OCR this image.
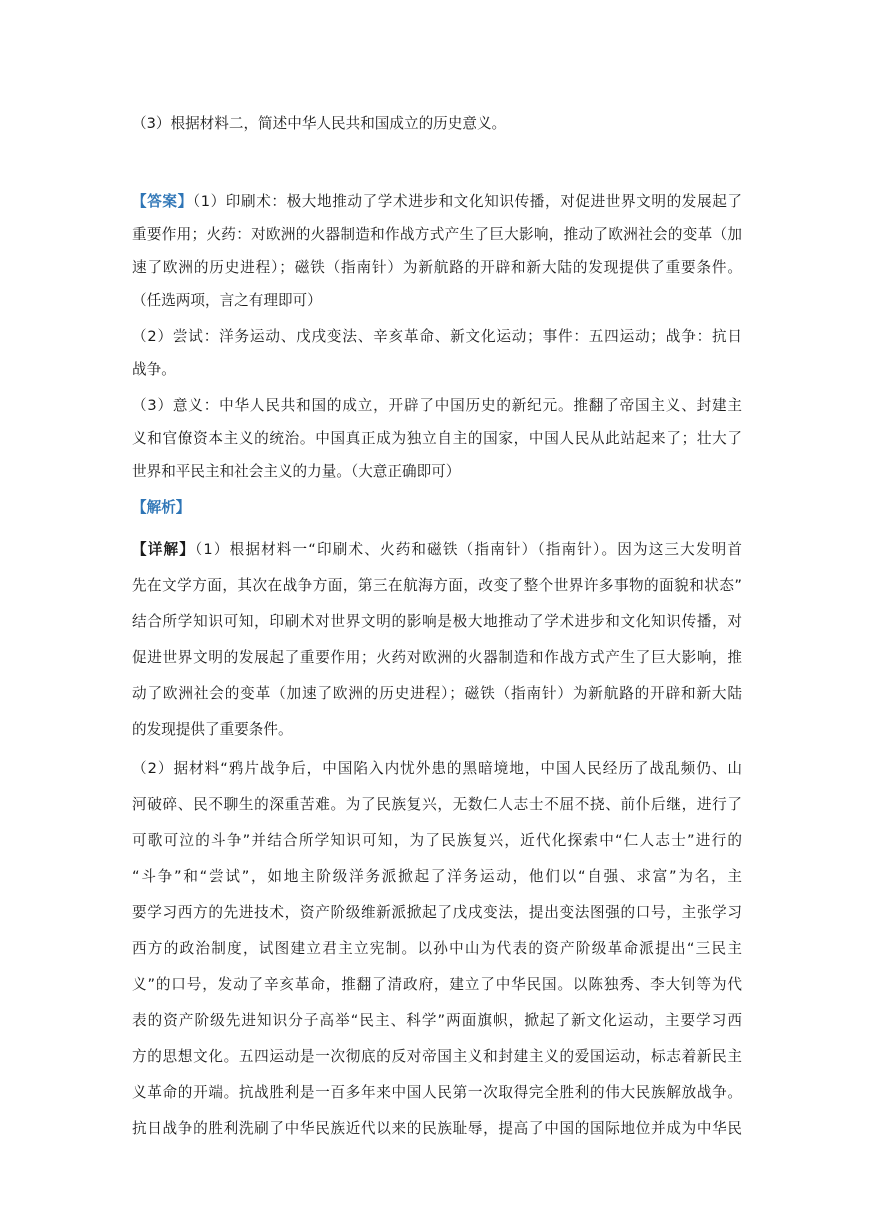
（3）根据材料二，简述中华人民共和国成立的历史意义。
【答案】（1）印刷术：极大地推动了学术进步和文化知识传播，对促进世界文明的发展起了
重要作用；火药：对欧洲的火器制造和作战方式产生了巨大影响，推动了欧洲社会的变革（加
速了欧洲的历史进程）；磁铁（指南针）为新航路的开辟和新大陆的发现提供了重要条件。
（任选两项，言之有理即可）
（2）尝试：洋务运动、戊戌变法、辛亥革命、新文化运动；事件：五四运动；战争：抗日
战争。
（3）意义：中华人民共和国的成立，开辟了中国历史的新纪元。推翻了帝国主义、封建主
义和官僚资本主义的统治。中国真正成为独立自主的国家，中国人民从此站起来了；壮大了
世界和平民主和社会主义的力量。（大意正确即可）
【解析】
【详解】（1）根据材料一“印刷术、火药和磁铁（指南针）（指南针）。因为这三大发明首
先在文学方面，其次在战争方面，第三在航海方面，改变了整个世界许多事物的面貌和状态”
结合所学知识可知，印刷术对世界文明的影响是极大地推动了学术进步和文化知识传播，对
促进世界文明的发展起了重要作用；火药对欧洲的火器制造和作战方式产生了巨大影响，推
动了欧洲社会的变革（加速了欧洲的历史进程）；磁铁（指南针）为新航路的开辟和新大陆
的发现提供了重要条件。
（2）据材料“鸦片战争后，中国陷入内忧外患的黑暗境地，中国人民经历了战乱频仍、山
河破碎、民不聊生的深重苦难。为了民族复兴，无数仁人志士不屈不挠、前仆后继，进行了
可歌可泣的斗争”并结合所学知识可知，为了民族复兴，近代化探索中“仁人志士”进行的
“斗争”和“尝试”，如地主阶级洋务派掀起了洋务运动，他们以“自强、求富”为名，主
要学习西方的先进技术，资产阶级维新派掀起了戊戌变法，提出变法图强的口号，主张学习
西方的政治制度，试图建立君主立宪制。以孙中山为代表的资产阶级革命派提出“三民主
义”的口号，发动了辛亥革命，推翻了清政府，建立了中华民国。以陈独秀、李大钊等为代
表的资产阶级先进知识分子高举“民主、科学”两面旗帜，掀起了新文化运动，主要学习西
方的思想文化。五四运动是一次彻底的反对帝国主义和封建主义的爱国运动，标志着新民主
义革命的开端。抗战胜利是一百多年来中国人民第一次取得完全胜利的伟大民族解放战争。
抗日战争的胜利洗刷了中华民族近代以来的民族耻辱，提高了中国的国际地位并成为中华民
